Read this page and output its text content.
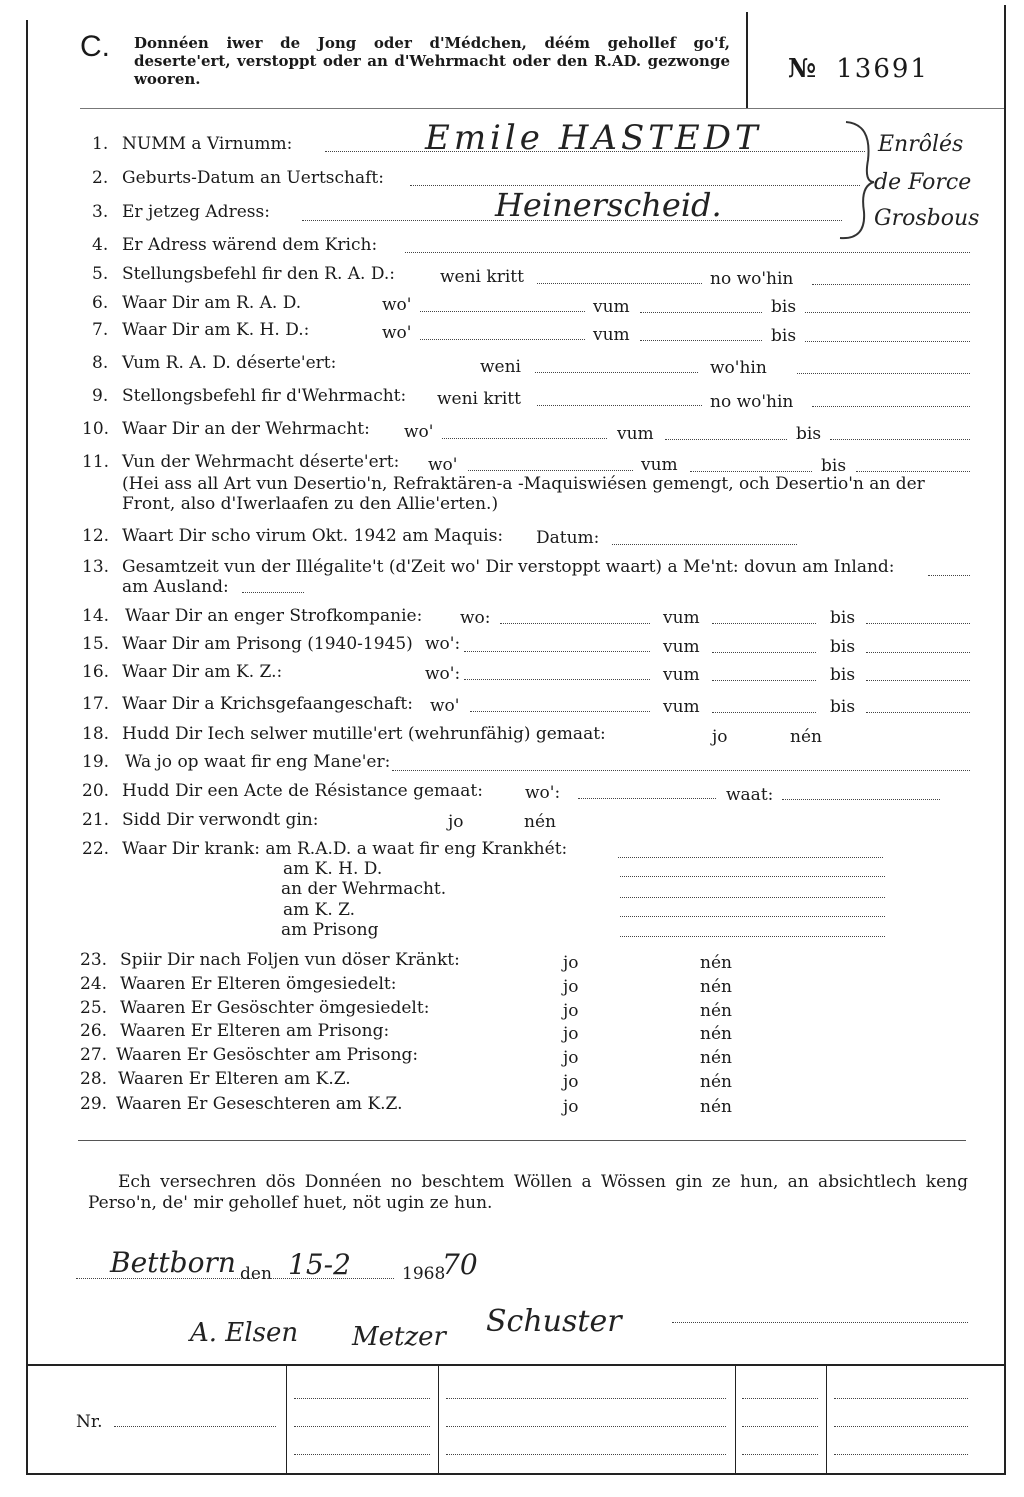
C. Donnéen iwer de Jong oder d'Médchen, déém gehollef go'f, deserte'ert, verstoppt oder an d'Wehrmacht oder den R.AD. gezwonge wooren.	№ 13691
1. NUMM a Virnumm:	Emile HASTEDT
2. Geburts-Datum an Uertschaft:
3. Er jetzeg Adress:	Heinerscheid.
Enrôlés
de Force
Grosbous
4. Er Adress wärend dem Krich:
5. Stellungsbefehl fir den R. A. D.:	weni kritt	no wo'hin
6. Waar Dir am R. A. D.	wo'	vum	bis
7. Waar Dir am K. H. D.:	wo'	vum	bis
8. Vum R. A. D. déserte'ert:	weni	wo'hin
9. Stellongsbefehl fir d'Wehrmacht: weni kritt	no wo'hin
10. Waar Dir an der Wehrmacht: wo'	vum	bis
11. Vun der Wehrmacht déserte'ert: wo'	vum	bis
(Hei ass all Art vun Desertio'n, Refraktären-a -Maquiswiésen gemengt, och Desertio'n an der
Front, also d'Iwerlaafen zu den Allie'erten.)
12. Waart Dir scho virum Okt. 1942 am Maquis: Datum:
13. Gesamtzeit vun der Illégalite't (d'Zeit wo' Dir verstoppt waart) a Me'nt: dovun am Inland:
am Ausland:
14. Waar Dir an enger Strofkompanie: wo:	vum	bis
15. Waar Dir am Prisong (1940-1945) wo':	vum	bis
16. Waar Dir am K. Z.:	wo':	vum	bis
17. Waar Dir a Krichsgefaangeschaft: wo'	vum	bis
18. Hudd Dir Iech selwer mutille'ert (wehrunfähig) gemaat:	jo	nén
19. Wa jo op waat fir eng Mane'er:
20. Hudd Dir een Acte de Résistance gemaat: wo':	waat:
21. Sidd Dir verwondt gin:	jo	nén
22. Waar Dir krank: am R.A.D. a waat fir eng Krankhét:
am K. H. D.
an der Wehrmacht.
am K. Z.
am Prisong
23. Spiir Dir nach Foljen vun döser Kränkt:	jo	nén
24. Waaren Er Elteren ömgesiedelt:	jo	nén
25. Waaren Er Gesöschter ömgesiedelt:	jo	nén
26. Waaren Er Elteren am Prisong:	jo	nén
27. Waaren Er Gesöschter am Prisong:	jo	nén
28. Waaren Er Elteren am K.Z.	jo	nén
29. Waaren Er Geseschteren am K.Z.	jo	nén
Ech versechren dös Donnéen no beschtem Wöllen a Wössen gin ze hun, an absichtlech keng Perso'n, de' mir gehollef huet, nöt ugin ze hun.
Bettborn den 15-2	1968
70
A. Elsen Metzer Schuster
Nr.
